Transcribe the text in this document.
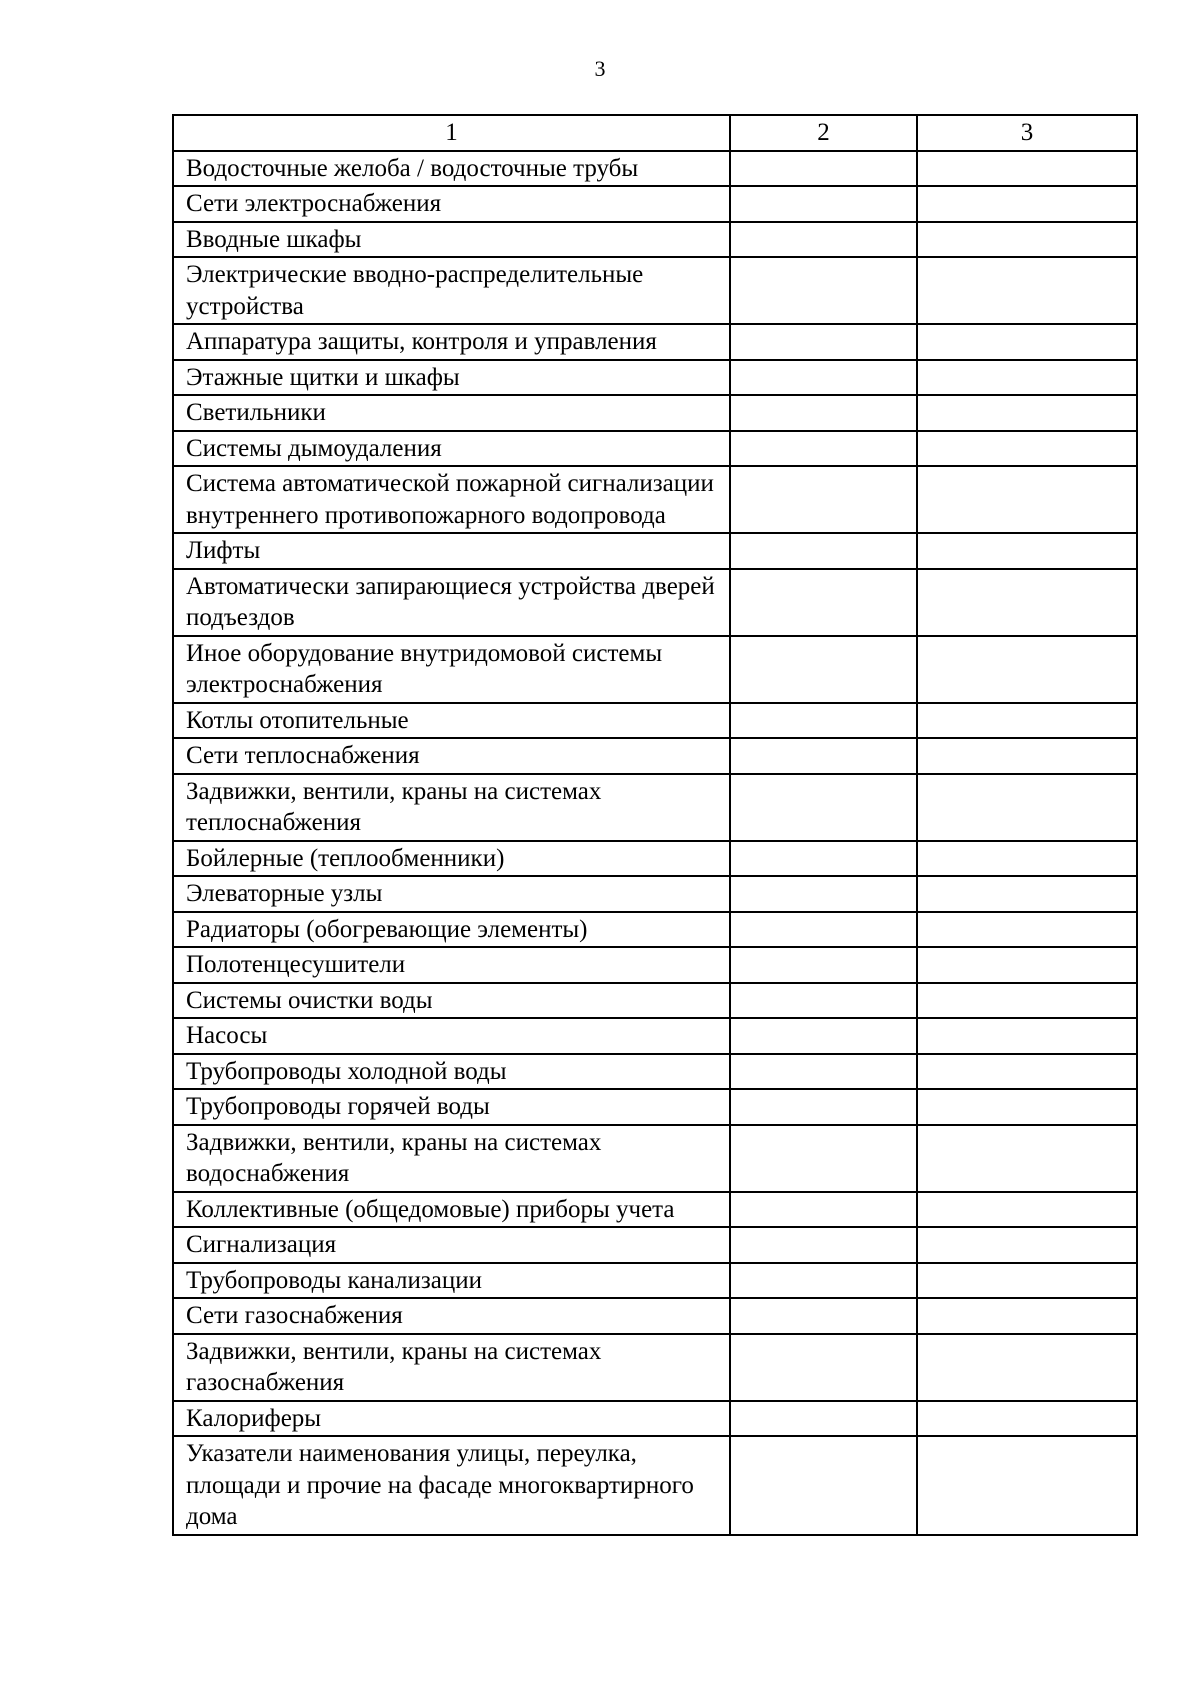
3
1	2	3
Водосточные желоба / водосточные трубы		
Сети электроснабжения		
Вводные шкафы		
Электрические вводно-распределительные устройства		
Аппаратура защиты, контроля и управления		
Этажные щитки и шкафы		
Светильники		
Системы дымоудаления		
Система автоматической пожарной сигнализации внутреннего противопожарного водопровода		
Лифты		
Автоматически запирающиеся устройства дверей подъездов		
Иное оборудование внутридомовой системы электроснабжения		
Котлы отопительные		
Сети теплоснабжения		
Задвижки, вентили, краны на системах теплоснабжения		
Бойлерные (теплообменники)		
Элеваторные узлы		
Радиаторы (обогревающие элементы)		
Полотенцесушители		
Системы очистки воды		
Насосы		
Трубопроводы холодной воды		
Трубопроводы горячей воды		
Задвижки, вентили, краны на системах водоснабжения		
Коллективные (общедомовые) приборы учета		
Сигнализация		
Трубопроводы канализации		
Сети газоснабжения		
Задвижки, вентили, краны на системах газоснабжения		
Калориферы		
Указатели наименования улицы, переулка, площади и прочие на фасаде многоквартирного дома		
